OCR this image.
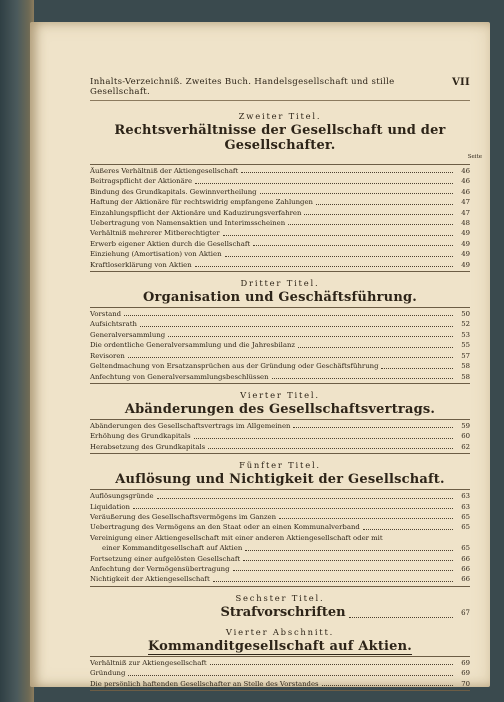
Inhalts-Verzeichniß. Zweites Buch. Handelsgesellschaft und stille Gesellschaft.
VII
Zweiter Titel.
Rechtsverhältnisse der Gesellschaft und der Gesellschafter.
Seite
Äußeres Verhältniß der Aktiengesellschaft	46
Beitragspflicht der Aktionäre	46
Bindung des Grundkapitals. Gewinnvertheilung	46
Haftung der Aktionäre für rechtswidrig empfangene Zahlungen	47
Einzahlungspflicht der Aktionäre und Kaduzirungsverfahren	47
Uebertragung von Namensaktien und Interimsscheinen	48
Verhältniß mehrerer Mitberechtigter	49
Erwerb eigener Aktien durch die Gesellschaft	49
Einziehung (Amortisation) von Aktien	49
Kraftloserklärung von Aktien	49
Dritter Titel.
Organisation und Geschäftsführung.
Vorstand	50
Aufsichtsrath	52
Generalversammlung	53
Die ordentliche Generalversammlung und die Jahresbilanz	55
Revisoren	57
Geltendmachung von Ersatzansprüchen aus der Gründung oder Geschäftsführung	58
Anfechtung von Generalversammlungsbeschlüssen	58
Vierter Titel.
Abänderungen des Gesellschaftsvertrags.
Abänderungen des Gesellschaftsvertrags im Allgemeinen	59
Erhöhung des Grundkapitals	60
Herabsetzung des Grundkapitals	62
Fünfter Titel.
Auflösung und Nichtigkeit der Gesellschaft.
Auflösungsgründe	63
Liquidation	63
Veräußerung des Gesellschaftsvermögens im Ganzen	65
Uebertragung des Vermögens an den Staat oder an einen Kommunalverband	65
Vereinigung einer Aktiengesellschaft mit einer anderen Aktiengesellschaft oder mit
einer Kommanditgesellschaft auf Aktien	65
Fortsetzung einer aufgelösten Gesellschaft	66
Anfechtung der Vermögensübertragung	66
Nichtigkeit der Aktiengesellschaft	66
Sechster Titel.
Strafvorschriften	67
Vierter Abschnitt.
Kommanditgesellschaft auf Aktien.
Verhältniß zur Aktiengesellschaft	69
Gründung	69
Die persönlich haftenden Gesellschafter an Stelle des Vorstandes	70
